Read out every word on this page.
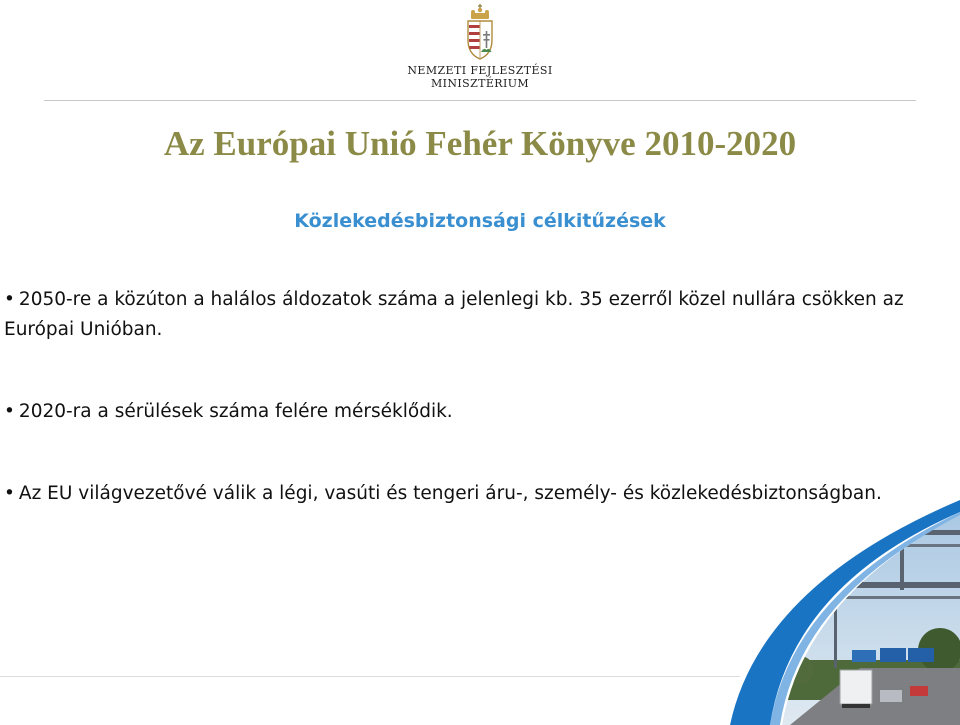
NEMZETI FEJLESZTÉSI
MINISZTÉRIUM
Az Európai Unió Fehér Könyve 2010-2020
Közlekedésbiztonsági célkitűzések
• 2050-re a közúton a halálos áldozatok száma a jelenlegi kb. 35 ezerről közel nullára csökken az Európai Unióban.
• 2020-ra a sérülések száma felére mérséklődik.
• Az EU világvezetővé válik a légi, vasúti és tengeri áru-, személy- és közlekedésbiztonságban.
